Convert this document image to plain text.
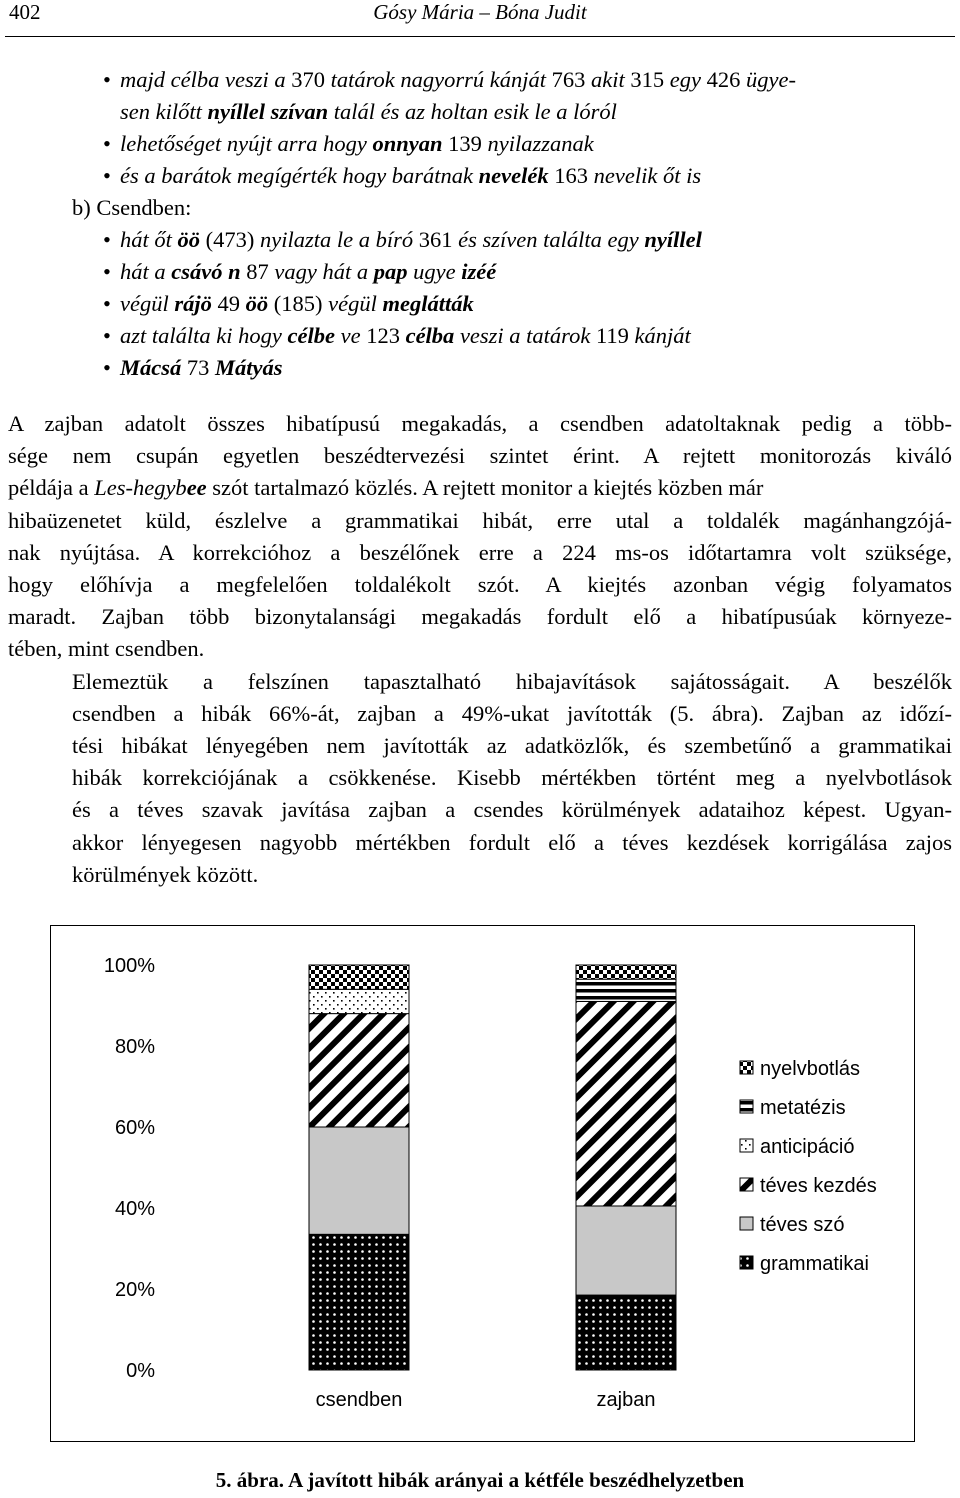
402	Gósy Mária – Bóna Judit
• majd célba veszi a 370 tatárok nagyorrú kánját 763 akit 315 egy 426 ügye-
sen kilőtt nyíllel szívan talál és az holtan esik le a lóról
• lehetőséget nyújt arra hogy onnyan 139 nyilazzanak
• és a barátok megígérték hogy barátnak nevelék 163 nevelik őt is
b) Csendben:
• hát őt öö (473) nyilazta le a bíró 361 és szíven találta egy nyíllel
• hát a csávó n 87 vagy hát a pap ugye izéé
• végül rájö 49 öö (185) végül meglátták
• azt találta ki hogy célbe ve 123 célba veszi a tatárok 119 kánját
• Mácsá 73 Mátyás

A zajban adatolt összes hibatípusú megakadás, a csendben adatoltaknak pedig a több-
sége nem csupán egyetlen beszédtervezési szintet érint. A rejtett monitorozás kiváló
példája a Les-hegybee szót tartalmazó közlés. A rejtett monitor a kiejtés közben már
hibaüzenetet küld, észlelve a grammatikai hibát, erre utal a toldalék magánhangzójá-
nak nyújtása. A korrekcióhoz a beszélőnek erre a 224 ms-os időtartamra volt szüksége,
hogy előhívja a megfelelően toldalékolt szót. A kiejtés azonban végig folyamatos
maradt. Zajban több bizonytalansági megakadás fordult elő a hibatípusúak környeze-
tében, mint csendben.

Elemeztük a felszínen tapasztalható hibajavítások sajátosságait. A beszélők
csendben a hibák 66%-át, zajban a 49%-ukat javították (5. ábra). Zajban az időzí-
tési hibákat lényegében nem javították az adatközlők, és szembetűnő a grammatikai
hibák korrekciójának a csökkenése. Kisebb mértékben történt meg a nyelvbotlások
és a téves szavak javítása zajban a csendes körülmények adataihoz képest. Ugyan-
akkor lényegesen nagyobb mértékben fordult elő a téves kezdések korrigálása zajos
körülmények között.

0%
20%
40%
60%
80%
100%
csendben	zajban
nyelvbotlás
metatézis
anticipáció
téves kezdés
téves szó
grammatikai
5. ábra. A javított hibák arányai a kétféle beszédhelyzetben
